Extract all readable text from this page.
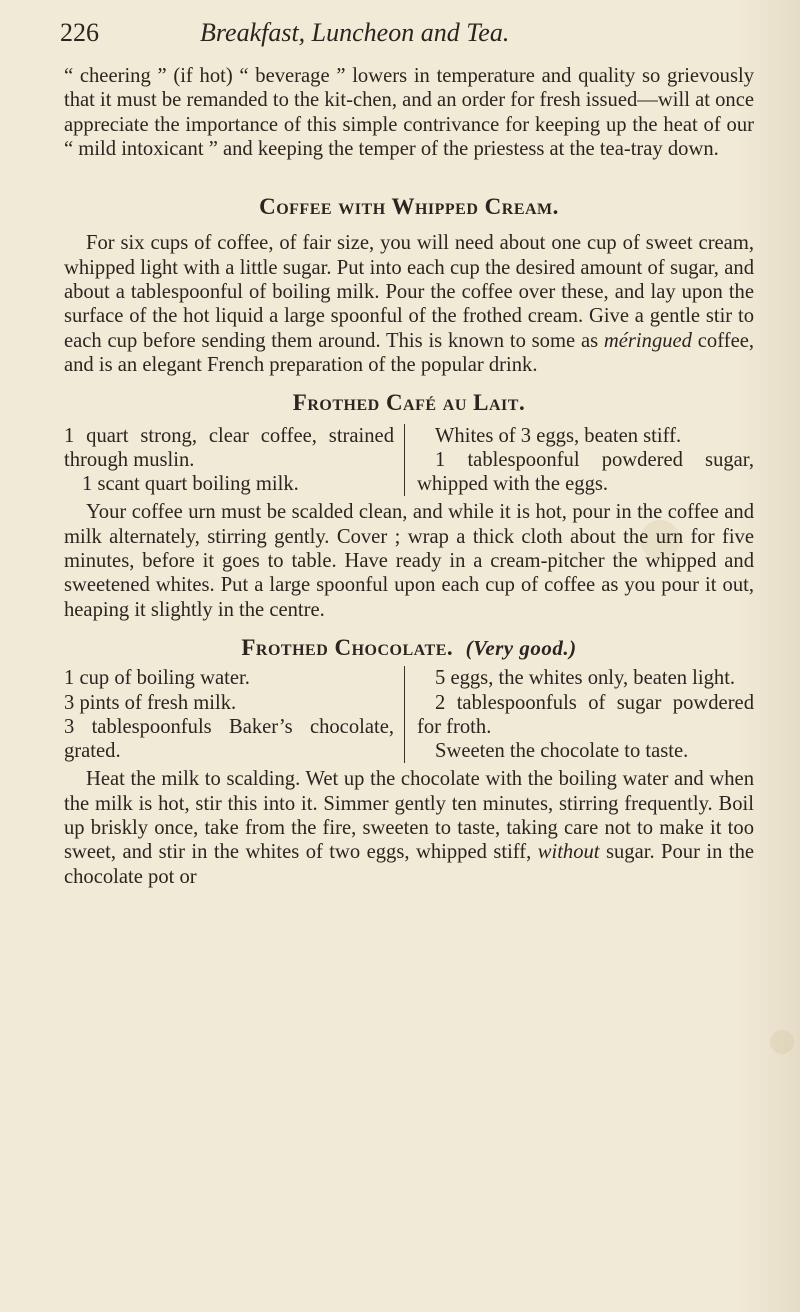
226	Breakfast, Luncheon and Tea.

“ cheering ” (if hot) “ beverage ” lowers in temperature and quality so grievously that it must be remanded to the kit-chen, and an order for fresh issued—will at once appreciate the importance of this simple contrivance for keeping up the heat of our “ mild intoxicant ” and keeping the temper of the priestess at the tea-tray down.

Coffee with Whipped Cream.

For six cups of coffee, of fair size, you will need about one cup of sweet cream, whipped light with a little sugar. Put into each cup the desired amount of sugar, and about a tablespoonful of boiling milk. Pour the coffee over these, and lay upon the surface of the hot liquid a large spoonful of the frothed cream. Give a gentle stir to each cup before sending them around. This is known to some as méringued coffee, and is an elegant French preparation of the popular drink.

Frothed Café au Lait.

1 quart strong, clear coffee, strained through muslin.

1 scant quart boiling milk.

Whites of 3 eggs, beaten stiff.

1 tablespoonful powdered sugar, whipped with the eggs.

Your coffee urn must be scalded clean, and while it is hot, pour in the coffee and milk alternately, stirring gently. Cover ; wrap a thick cloth about the urn for five minutes, before it goes to table. Have ready in a cream-pitcher the whipped and sweetened whites. Put a large spoonful upon each cup of coffee as you pour it out, heaping it slightly in the centre.

Frothed Chocolate. (Very good.)

1 cup of boiling water.

3 pints of fresh milk.

3 tablespoonfuls Baker’s chocolate, grated.

5 eggs, the whites only, beaten light.

2 tablespoonfuls of sugar powdered for froth.

Sweeten the chocolate to taste.

Heat the milk to scalding. Wet up the chocolate with the boiling water and when the milk is hot, stir this into it. Simmer gently ten minutes, stirring frequently. Boil up briskly once, take from the fire, sweeten to taste, taking care not to make it too sweet, and stir in the whites of two eggs, whipped stiff, without sugar. Pour in the chocolate pot or
